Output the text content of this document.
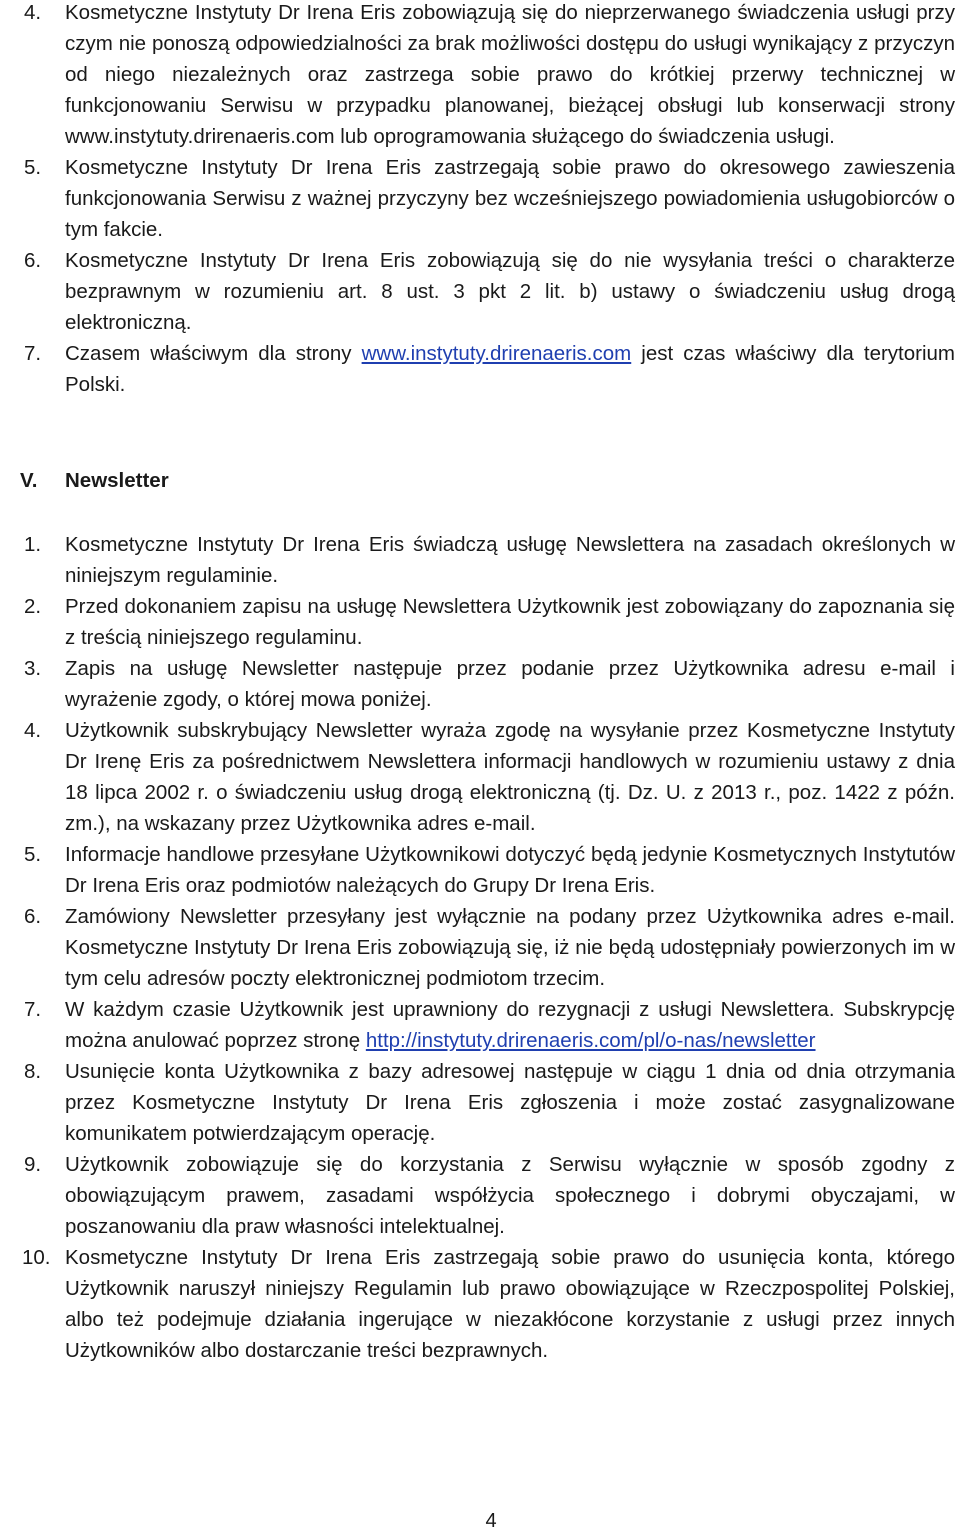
4.	Kosmetyczne Instytuty Dr Irena Eris zobowiązują się do nieprzerwanego świadczenia usługi przy czym nie ponoszą odpowiedzialności za brak możliwości dostępu do usługi wynikający z przyczyn od niego niezależnych oraz zastrzega sobie prawo do krótkiej przerwy technicznej w funkcjonowaniu Serwisu w przypadku planowanej, bieżącej obsługi lub konserwacji strony www.instytuty.drirenaeris.com lub oprogramowania służącego do świadczenia usługi.
5.	Kosmetyczne Instytuty Dr Irena Eris zastrzegają sobie prawo do okresowego zawieszenia funkcjonowania Serwisu z ważnej przyczyny bez wcześniejszego powiadomienia usługobiorców o tym fakcie.
6.	Kosmetyczne Instytuty Dr Irena Eris zobowiązują się do nie wysyłania treści o charakterze bezprawnym w rozumieniu art. 8 ust. 3 pkt 2 lit. b) ustawy o świadczeniu usług drogą elektroniczną.
7.	Czasem właściwym dla strony www.instytuty.drirenaeris.com jest czas właściwy dla terytorium Polski.
V. Newsletter
1.	Kosmetyczne Instytuty Dr Irena Eris świadczą usługę Newslettera na zasadach określonych w niniejszym regulaminie.
2.	Przed dokonaniem zapisu na usługę Newslettera Użytkownik jest zobowiązany do zapoznania się z treścią niniejszego regulaminu.
3.	Zapis na usługę Newsletter następuje przez podanie przez Użytkownika adresu e-mail i wyrażenie zgody, o której mowa poniżej.
4.	Użytkownik subskrybujący Newsletter wyraża zgodę na wysyłanie przez Kosmetyczne Instytuty Dr Irenę Eris za pośrednictwem Newslettera informacji handlowych w rozumieniu ustawy z dnia 18 lipca 2002 r. o świadczeniu usług drogą elektroniczną (tj. Dz. U. z 2013 r., poz. 1422 z późn. zm.), na wskazany przez Użytkownika adres e-mail.
5.	Informacje handlowe przesyłane Użytkownikowi dotyczyć będą jedynie Kosmetycznych Instytutów Dr Irena Eris oraz podmiotów należących do Grupy Dr Irena Eris.
6.	Zamówiony Newsletter przesyłany jest wyłącznie na podany przez Użytkownika adres e-mail. Kosmetyczne Instytuty Dr Irena Eris zobowiązują się, iż nie będą udostępniały powierzonych im w tym celu adresów poczty elektronicznej podmiotom trzecim.
7.	W każdym czasie Użytkownik jest uprawniony do rezygnacji z usługi Newslettera. Subskrypcję można anulować poprzez stronę http://instytuty.drirenaeris.com/pl/o-nas/newsletter
8.	Usunięcie konta Użytkownika z bazy adresowej następuje w ciągu 1 dnia od dnia otrzymania przez Kosmetyczne Instytuty Dr Irena Eris zgłoszenia i może zostać zasygnalizowane komunikatem potwierdzającym operację.
9.	Użytkownik zobowiązuje się do korzystania z Serwisu wyłącznie w sposób zgodny z obowiązującym prawem, zasadami współżycia społecznego i dobrymi obyczajami, w poszanowaniu dla praw własności intelektualnej.
10. Kosmetyczne Instytuty Dr Irena Eris zastrzegają sobie prawo do usunięcia konta, którego Użytkownik naruszył niniejszy Regulamin lub prawo obowiązujące w Rzeczpospolitej Polskiej, albo też podejmuje działania ingerujące w niezakłócone korzystanie z usługi przez innych Użytkowników albo dostarczanie treści bezprawnych.
4
